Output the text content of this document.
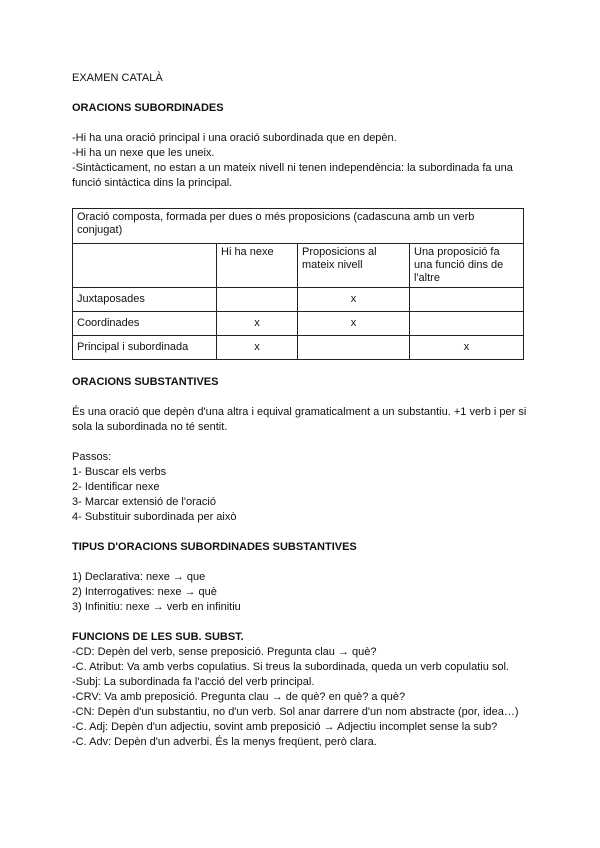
EXAMEN CATALÀ

ORACIONS SUBORDINADES

-Hi ha una oració principal i una oració subordinada que en depèn.

-Hi ha un nexe que les uneix.

-Sintàcticament, no estan a un mateix nivell ni tenen independència: la subordinada fa una funció sintàctica dins la principal.

Oració composta, formada per dues o més proposicions (cadascuna amb un verb conjugat)			
	Hi ha nexe	Proposicions al mateix nivell	Una proposició fa una funció dins de l'altre
Juxtaposades		x	
Coordinades	x	x	
Principal i subordinada	x		x

ORACIONS SUBSTANTIVES

És una oració que depèn d'una altra i equival gramaticalment a un substantiu. +1 verb i per si sola la subordinada no té sentit.

Passos:

1- Buscar els verbs

2- Identificar nexe

3- Marcar extensió de l'oració

4- Substituir subordinada per això

TIPUS D'ORACIONS SUBORDINADES SUBSTANTIVES

1) Declarativa: nexe → que

2) Interrogatives: nexe → què

3) Infinitiu: nexe → verb en infinitiu

FUNCIONS DE LES SUB. SUBST.

-CD: Depèn del verb, sense preposició. Pregunta clau → què?

-C. Atribut: Va amb verbs copulatius. Si treus la subordinada, queda un verb copulatiu sol.

-Subj: La subordinada fa l'acció del verb principal.

-CRV: Va amb preposició. Pregunta clau → de què? en què? a què?

-CN: Depèn d'un substantiu, no d'un verb. Sol anar darrere d'un nom abstracte (por, idea…)

-C. Adj: Depèn d'un adjectiu, sovint amb preposició → Adjectiu incomplet sense la sub?

-C. Adv: Depèn d'un adverbi. És la menys freqüent, però clara.
